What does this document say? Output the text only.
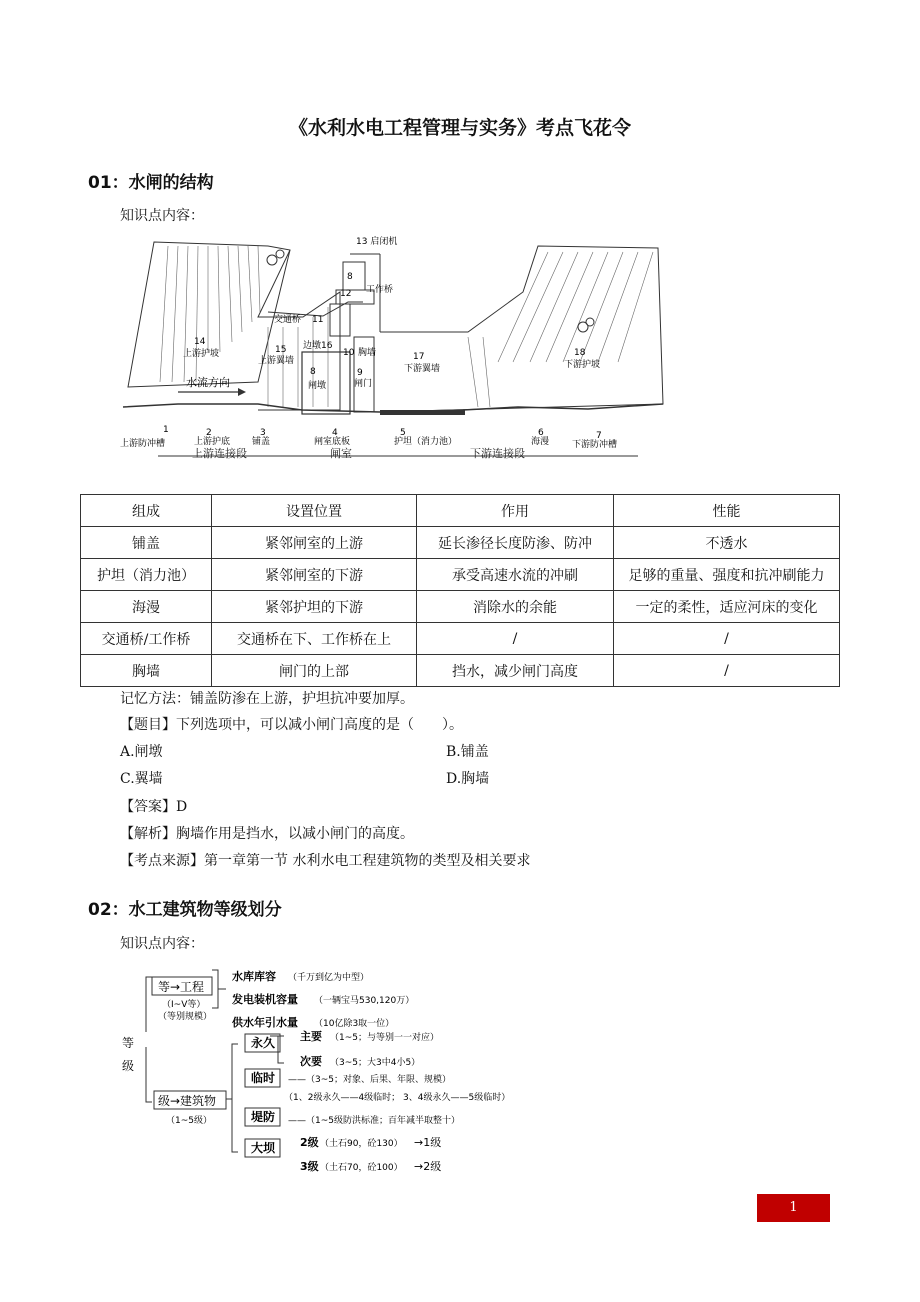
《水利水电工程管理与实务》考点飞花令
01：水闸的结构
知识点内容：
13 启闭机
8
12 工作桥
交通桥 11
14
上游护坡	15
上游翼墙
边墩16
10 胸墙	17
下游翼墙
18
下游护坡
水流方向
8
闸墩
9
闸门
1	2	3	4	5	6	7
上游防冲槽	上游护底 铺盖	闸室底板	护坦（消力池）	海漫	下游防冲槽
上游连接段	闸室	下游连接段
组成	设置位置	作用	性能
铺盖	紧邻闸室的上游	延长渗径长度防渗、防冲	不透水
护坦（消力池）	紧邻闸室的下游	承受高速水流的冲刷	足够的重量、强度和抗冲刷能力
海漫	紧邻护坦的下游	消除水的余能	一定的柔性，适应河床的变化
交通桥/工作桥	交通桥在下、工作桥在上	/	/
胸墙	闸门的上部	挡水，减少闸门高度	/
记忆方法：铺盖防渗在上游，护坦抗冲要加厚。
【题目】下列选项中，可以减小闸门高度的是（　　）。
A.闸墩	B.铺盖
C.翼墙	D.胸墙
【答案】D
【解析】胸墙作用是挡水，以减小闸门的高度。
【考点来源】第一章第一节 水利水电工程建筑物的类型及相关要求
02：水工建筑物等级划分
知识点内容：
等
级
等→工程
（Ⅰ~Ⅴ等）
（等别规模）
级→建筑物
（1~5级）
水库库容 （千万到亿为中型）
发电装机容量 （一辆宝马530,120万）
供水年引水量 （10亿除3取一位）
永久 主要 （1~5；与等别一一对应）
次要 （3~5；大3中4小5）
临时 ——（3~5；对象、后果、年限、规模）
（1、2级永久——4级临时； 3、4级永久——5级临时）
堤防 ——（1~5级防洪标准；百年减半取整十）
大坝 2级 （土石90，砼130） →1级
3级 （土石70，砼100） →2级
1
